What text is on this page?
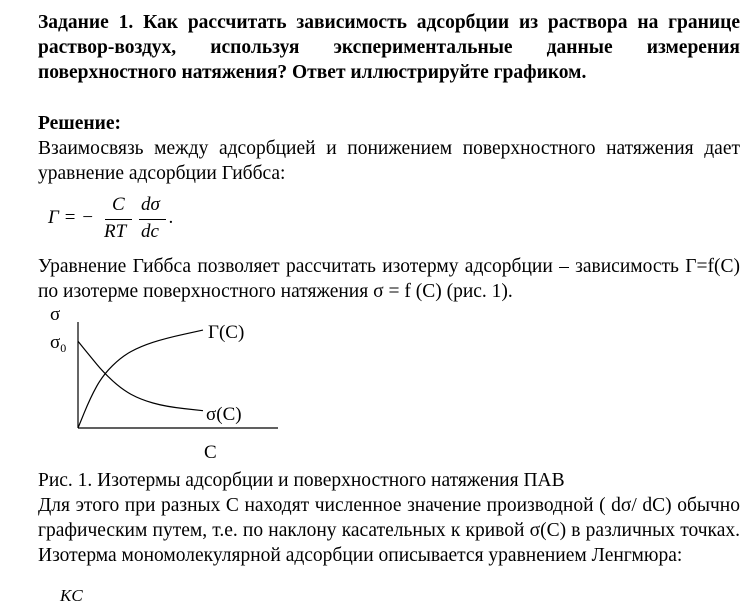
Задание 1. Как рассчитать зависимость адсорбции из раствора на границе раствор-воздух, используя экспериментальные данные измерения поверхностного натяжения? Ответ иллюстрируйте графиком.

Решение:

Взаимосвязь между адсорбцией и понижением поверхностного натяжения дает уравнение адсорбции Гиббса:

Г = −
C
RT
dσ
dc
.

Уравнение Гиббса позволяет рассчитать изотерму адсорбции – зависимость Г=f(C) по изотерме поверхностного натяжения σ = f (C) (рис. 1).

σ
$\sigma_0$
C
Г(C)
σ(C)

Рис. 1. Изотермы адсорбции и поверхностного натяжения ПАВ

Для этого при разных С находят численное значение производной ( dσ/ dC) обычно графическим путем, т.е. по наклону касательных к кривой σ(C) в различных точках. Изотерма мономолекулярной адсорбции описывается уравнением Ленгмюра:

KC
